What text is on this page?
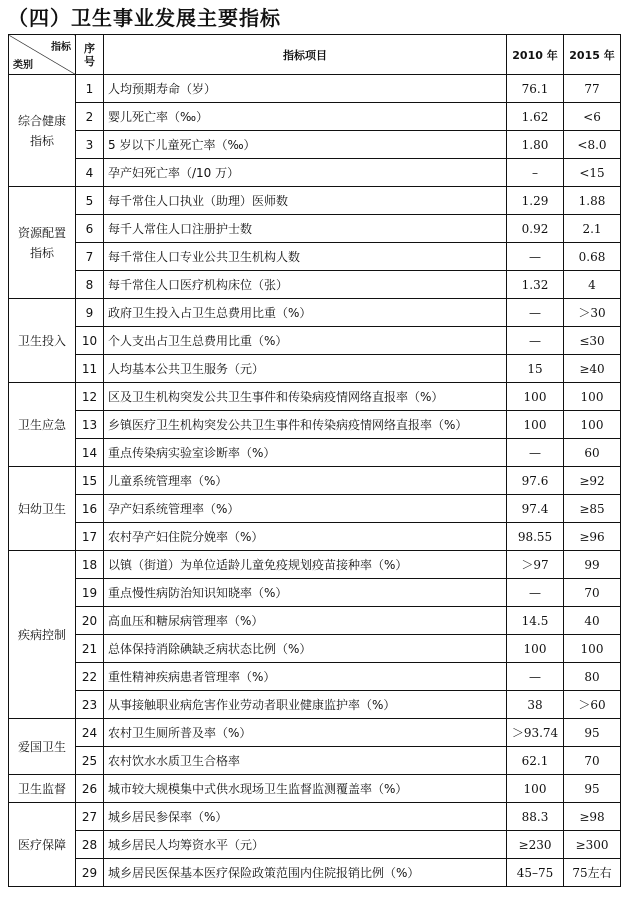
（四）卫生事业发展主要指标
指标
类别	序号	指标项目	2010 年	2015 年
综合健康指标	1	人均预期寿命（岁）	76.1	77
	2	婴儿死亡率（‰）	1.62	<6
	3	5 岁以下儿童死亡率（‰）	1.80	<8.0
	4	孕产妇死亡率（/10 万）	–	<15
资源配置指标	5	每千常住人口执业（助理）医师数	1.29	1.88
	6	每千人常住人口注册护士数	0.92	2.1
	7	每千常住人口专业公共卫生机构人数	—	0.68
	8	每千常住人口医疗机构床位（张）	1.32	4
卫生投入	9	政府卫生投入占卫生总费用比重（%）	—	＞30
	10	个人支出占卫生总费用比重（%）	—	≤30
	11	人均基本公共卫生服务（元）	15	≥40
卫生应急	12	区及卫生机构突发公共卫生事件和传染病疫情网络直报率（%）	100	100
	13	乡镇医疗卫生机构突发公共卫生事件和传染病疫情网络直报率（%）	100	100
	14	重点传染病实验室诊断率（%）	—	60
妇幼卫生	15	儿童系统管理率（%）	97.6	≥92
	16	孕产妇系统管理率（%）	97.4	≥85
	17	农村孕产妇住院分娩率（%）	98.55	≥96
疾病控制	18	以镇（街道）为单位适龄儿童免疫规划疫苗接种率（%）	＞97	99
	19	重点慢性病防治知识知晓率（%）	—	70
	20	高血压和糖尿病管理率（%）	14.5	40
	21	总体保持消除碘缺乏病状态比例（%）	100	100
	22	重性精神疾病患者管理率（%）	—	80
	23	从事接触职业病危害作业劳动者职业健康监护率（%）	38	＞60
爱国卫生	24	农村卫生厕所普及率（%）	＞93.74	95
	25	农村饮水水质卫生合格率	62.1	70
卫生监督	26	城市较大规模集中式供水现场卫生监督监测覆盖率（%）	100	95
医疗保障	27	城乡居民参保率（%）	88.3	≥98
	28	城乡居民人均筹资水平（元）	≥230	≥300
	29	城乡居民医保基本医疗保险政策范围内住院报销比例（%）	45–75	75左右
